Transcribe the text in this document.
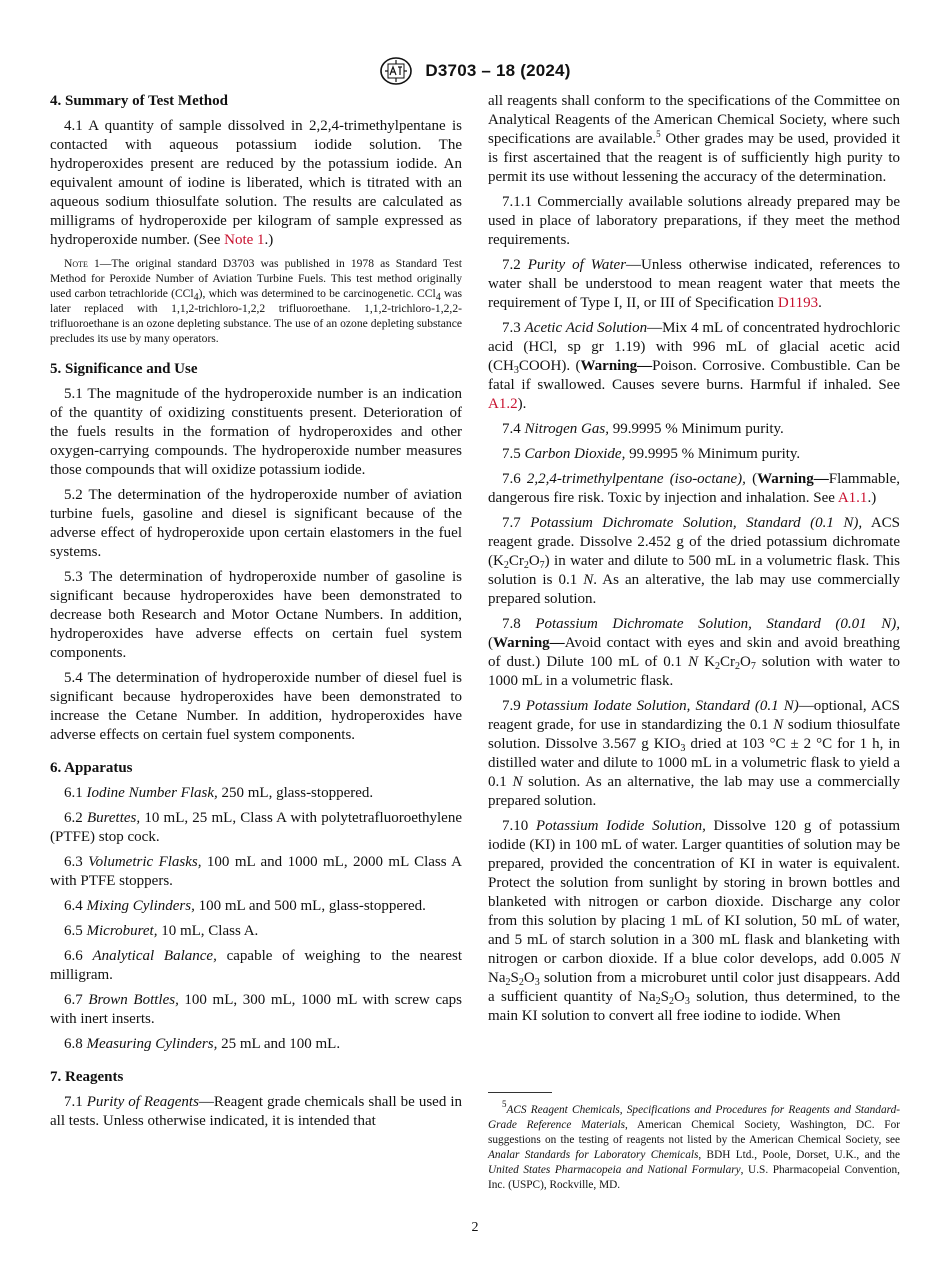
D3703 – 18 (2024)
4. Summary of Test Method

4.1 A quantity of sample dissolved in 2,2,4-trimethylpentane is contacted with aqueous potassium iodide solution. The hydroperoxides present are reduced by the potassium iodide. An equivalent amount of iodine is liberated, which is titrated with an aqueous sodium thiosulfate solution. The results are calculated as milligrams of hydroperoxide per kilogram of sample expressed as hydroperoxide number. (See Note 1.)

Note 1—The original standard D3703 was published in 1978 as Standard Test Method for Peroxide Number of Aviation Turbine Fuels. This test method originally used carbon tetrachloride (CCl$_4$), which was determined to be carcinogenetic. CCl$_4$ was later replaced with 1,1,2-trichloro-1,2,2 trifluoroethane. 1,1,2-trichloro-1,2,2-trifluoroethane is an ozone depleting substance. The use of an ozone depleting substance precludes its use by many operators.
5. Significance and Use

5.1 The magnitude of the hydroperoxide number is an indication of the quantity of oxidizing constituents present. Deterioration of the fuels results in the formation of hydroperoxides and other oxygen-carrying compounds. The hydroperoxide number measures those compounds that will oxidize potassium iodide.

5.2 The determination of the hydroperoxide number of aviation turbine fuels, gasoline and diesel is significant because of the adverse effect of hydroperoxide upon certain elastomers in the fuel systems.

5.3 The determination of hydroperoxide number of gasoline is significant because hydroperoxides have been demonstrated to decrease both Research and Motor Octane Numbers. In addition, hydroperoxides have adverse effects on certain fuel system components.

5.4 The determination of hydroperoxide number of diesel fuel is significant because hydroperoxides have been demonstrated to increase the Cetane Number. In addition, hydroperoxides have adverse effects on certain fuel system components.

6. Apparatus

6.1 Iodine Number Flask, 250 mL, glass-stoppered.

6.2 Burettes, 10 mL, 25 mL, Class A with polytetrafluoroethylene (PTFE) stop cock.

6.3 Volumetric Flasks, 100 mL and 1000 mL, 2000 mL Class A with PTFE stoppers.

6.4 Mixing Cylinders, 100 mL and 500 mL, glass-stoppered.

6.5 Microburet, 10 mL, Class A.

6.6 Analytical Balance, capable of weighing to the nearest milligram.

6.7 Brown Bottles, 100 mL, 300 mL, 1000 mL with screw caps with inert inserts.

6.8 Measuring Cylinders, 25 mL and 100 mL.

7. Reagents

7.1 Purity of Reagents—Reagent grade chemicals shall be used in all tests. Unless otherwise indicated, it is intended that

all reagents shall conform to the specifications of the Committee on Analytical Reagents of the American Chemical Society, where such specifications are available.$^5$ Other grades may be used, provided it is first ascertained that the reagent is of sufficiently high purity to permit its use without lessening the accuracy of the determination.

7.1.1 Commercially available solutions already prepared may be used in place of laboratory preparations, if they meet the method requirements.

7.2 Purity of Water—Unless otherwise indicated, references to water shall be understood to mean reagent water that meets the requirement of Type I, II, or III of Specification D1193.

7.3 Acetic Acid Solution—Mix 4 mL of concentrated hydrochloric acid (HCl, sp gr 1.19) with 996 mL of glacial acetic acid $(CH_3COOH)$. (Warning—Poison. Corrosive. Combustible. Can be fatal if swallowed. Causes severe burns. Harmful if inhaled. See A1.2).

7.4 Nitrogen Gas, 99.9995 % Minimum purity.

7.5 Carbon Dioxide, 99.9995 % Minimum purity.

7.6 2,2,4-trimethylpentane (iso-octane), (Warning—Flammable, dangerous fire risk. Toxic by injection and inhalation. See A1.1.)

7.7 Potassium Dichromate Solution, Standard (0.1 N), ACS reagent grade. Dissolve 2.452 g of the dried potassium dichromate $(K_2Cr_2O_7)$ in water and dilute to 500 mL in a volumetric flask. This solution is 0.1 N. As an alterative, the lab may use commercially prepared solution.

7.8 Potassium Dichromate Solution, Standard (0.01 N), (Warning—Avoid contact with eyes and skin and avoid breathing of dust.) Dilute 100 mL of 0.1 N $K_2Cr_2O_7$ solution with water to 1000 mL in a volumetric flask.

7.9 Potassium Iodate Solution, Standard (0.1 N)—optional, ACS reagent grade, for use in standardizing the 0.1 N sodium thiosulfate solution. Dissolve 3.567 g $KIO_3$ dried at 103 °C ± 2 °C for 1 h, in distilled water and dilute to 1000 mL in a volumetric flask to yield a 0.1 N solution. As an alternative, the lab may use a commercially prepared solution.

7.10 Potassium Iodide Solution, Dissolve 120 g of potassium iodide (KI) in 100 mL of water. Larger quantities of solution may be prepared, provided the concentration of KI in water is equivalent. Protect the solution from sunlight by storing in brown bottles and blanketed with nitrogen or carbon dioxide. Discharge any color from this solution by placing 1 mL of KI solution, 50 mL of water, and 5 mL of starch solution in a 300 mL flask and blanketing with nitrogen or carbon dioxide. If a blue color develops, add 0.005 N $Na_2S_2O_3$ solution from a microburet until color just disappears. Add a sufficient quantity of $Na_2S_2O_3$ solution, thus determined, to the main KI solution to convert all free iodine to iodide. When

$^5$ACS Reagent Chemicals, Specifications and Procedures for Reagents and Standard-Grade Reference Materials, American Chemical Society, Washington, DC. For suggestions on the testing of reagents not listed by the American Chemical Society, see Analar Standards for Laboratory Chemicals, BDH Ltd., Poole, Dorset, U.K., and the United States Pharmacopeia and National Formulary, U.S. Pharmacopeial Convention, Inc. (USPC), Rockville, MD.

2
